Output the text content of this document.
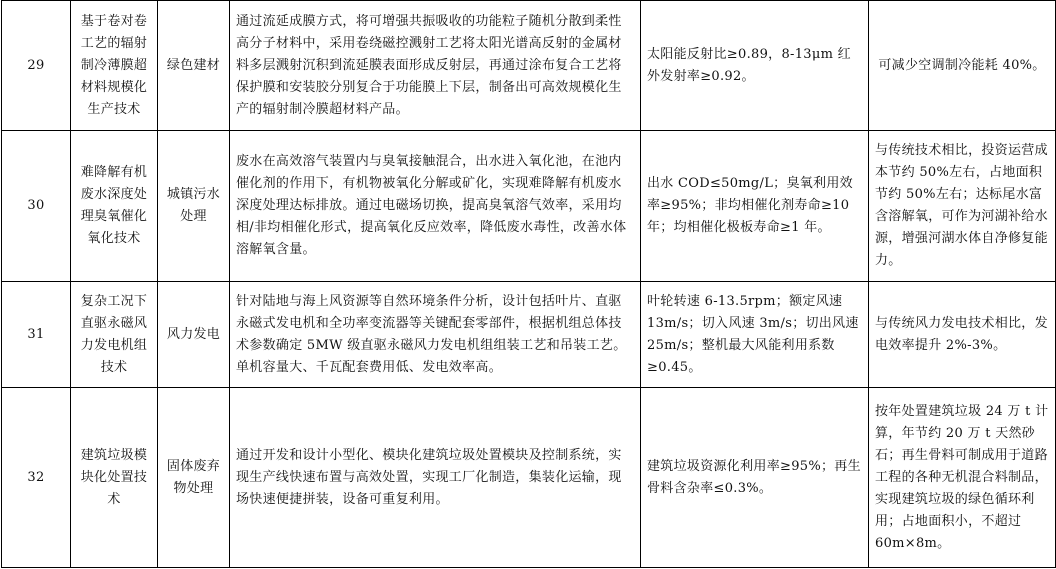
29	基于卷对卷工艺的辐射制冷薄膜超材料规模化生产技术	绿色建材	通过流延成膜方式，将可增强共振吸收的功能粒子随机分散到柔性高分子材料中，采用卷绕磁控溅射工艺将太阳光谱高反射的金属材料多层溅射沉积到流延膜表面形成反射层，再通过涂布复合工艺将保护膜和安装胶分别复合于功能膜上下层，制备出可高效规模化生产的辐射制冷膜超材料产品。	太阳能反射比≥0.89，8-13μm 红外发射率≥0.92。	可减少空调制冷能耗 40%。
30	难降解有机废水深度处理臭氧催化氧化技术	城镇污水处理	废水在高效溶气装置内与臭氧接触混合，出水进入氧化池，在池内催化剂的作用下，有机物被氧化分解或矿化，实现难降解有机废水深度处理达标排放。通过电磁场切换，提高臭氧溶气效率，采用均相/非均相催化形式，提高氧化反应效率，降低废水毒性，改善水体溶解氧含量。	出水 COD≤50mg/L；臭氧利用效率≥95%；非均相催化剂寿命≥10 年；均相催化极板寿命≥1 年。	与传统技术相比，投资运营成本节约 50%左右，占地面积节约 50%左右；达标尾水富含溶解氧，可作为河湖补给水源，增强河湖水体自净修复能力。
31	复杂工况下直驱永磁风力发电机组技术	风力发电	针对陆地与海上风资源等自然环境条件分析，设计包括叶片、直驱永磁式发电机和全功率变流器等关键配套零部件，根据机组总体技术参数确定 5MW 级直驱永磁风力发电机组组装工艺和吊装工艺。单机容量大、千瓦配套费用低、发电效率高。	叶轮转速 6-13.5rpm；额定风速 13m/s；切入风速 3m/s；切出风速 25m/s；整机最大风能利用系数≥0.45。	与传统风力发电技术相比，发电效率提升 2%-3%。
32	建筑垃圾模块化处置技术	固体废弃物处理	通过开发和设计小型化、模块化建筑垃圾处置模块及控制系统，实现生产线快速布置与高效处置，实现工厂化制造，集装化运输，现场快速便捷拼装，设备可重复利用。	建筑垃圾资源化利用率≥95%；再生骨料含杂率≤0.3%。	按年处置建筑垃圾 24 万 t 计算，年节约 20 万 t 天然砂石；再生骨料可制成用于道路工程的各种无机混合料制品，实现建筑垃圾的绿色循环利用；占地面积小，不超过 60m×8m。
